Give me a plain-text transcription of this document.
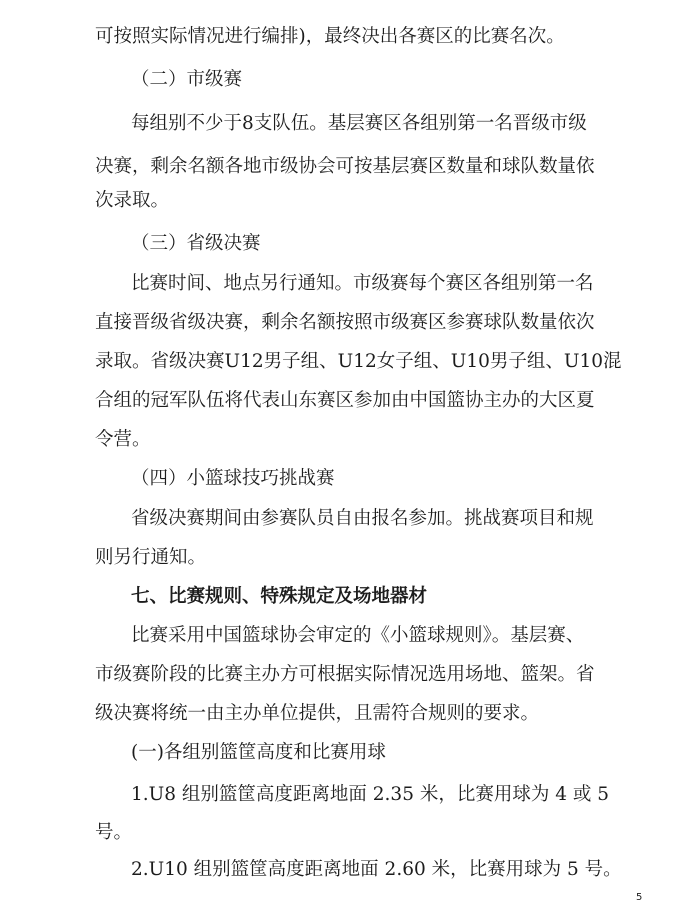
可按照实际情况进行编排)，最终决出各赛区的比赛名次。
（二）市级赛
每组别不少于8支队伍。基层赛区各组别第一名晋级市级
决赛，剩余名额各地市级协会可按基层赛区数量和球队数量依
次录取。
（三）省级决赛
比赛时间、地点另行通知。市级赛每个赛区各组别第一名
直接晋级省级决赛，剩余名额按照市级赛区参赛球队数量依次
录取。省级决赛U12男子组、U12女子组、U10男子组、U10混
合组的冠军队伍将代表山东赛区参加由中国篮协主办的大区夏
令营。
（四）小篮球技巧挑战赛
省级决赛期间由参赛队员自由报名参加。挑战赛项目和规
则另行通知。
七、比赛规则、特殊规定及场地器材
比赛采用中国篮球协会审定的《小篮球规则》。基层赛、
市级赛阶段的比赛主办方可根据实际情况选用场地、篮架。省
级决赛将统一由主办单位提供，且需符合规则的要求。
(一)各组别篮筐高度和比赛用球
1.U8 组别篮筐高度距离地面 2.35 米，比赛用球为 4 或 5
号。
2.U10 组别篮筐高度距离地面 2.60 米，比赛用球为 5 号。
5
